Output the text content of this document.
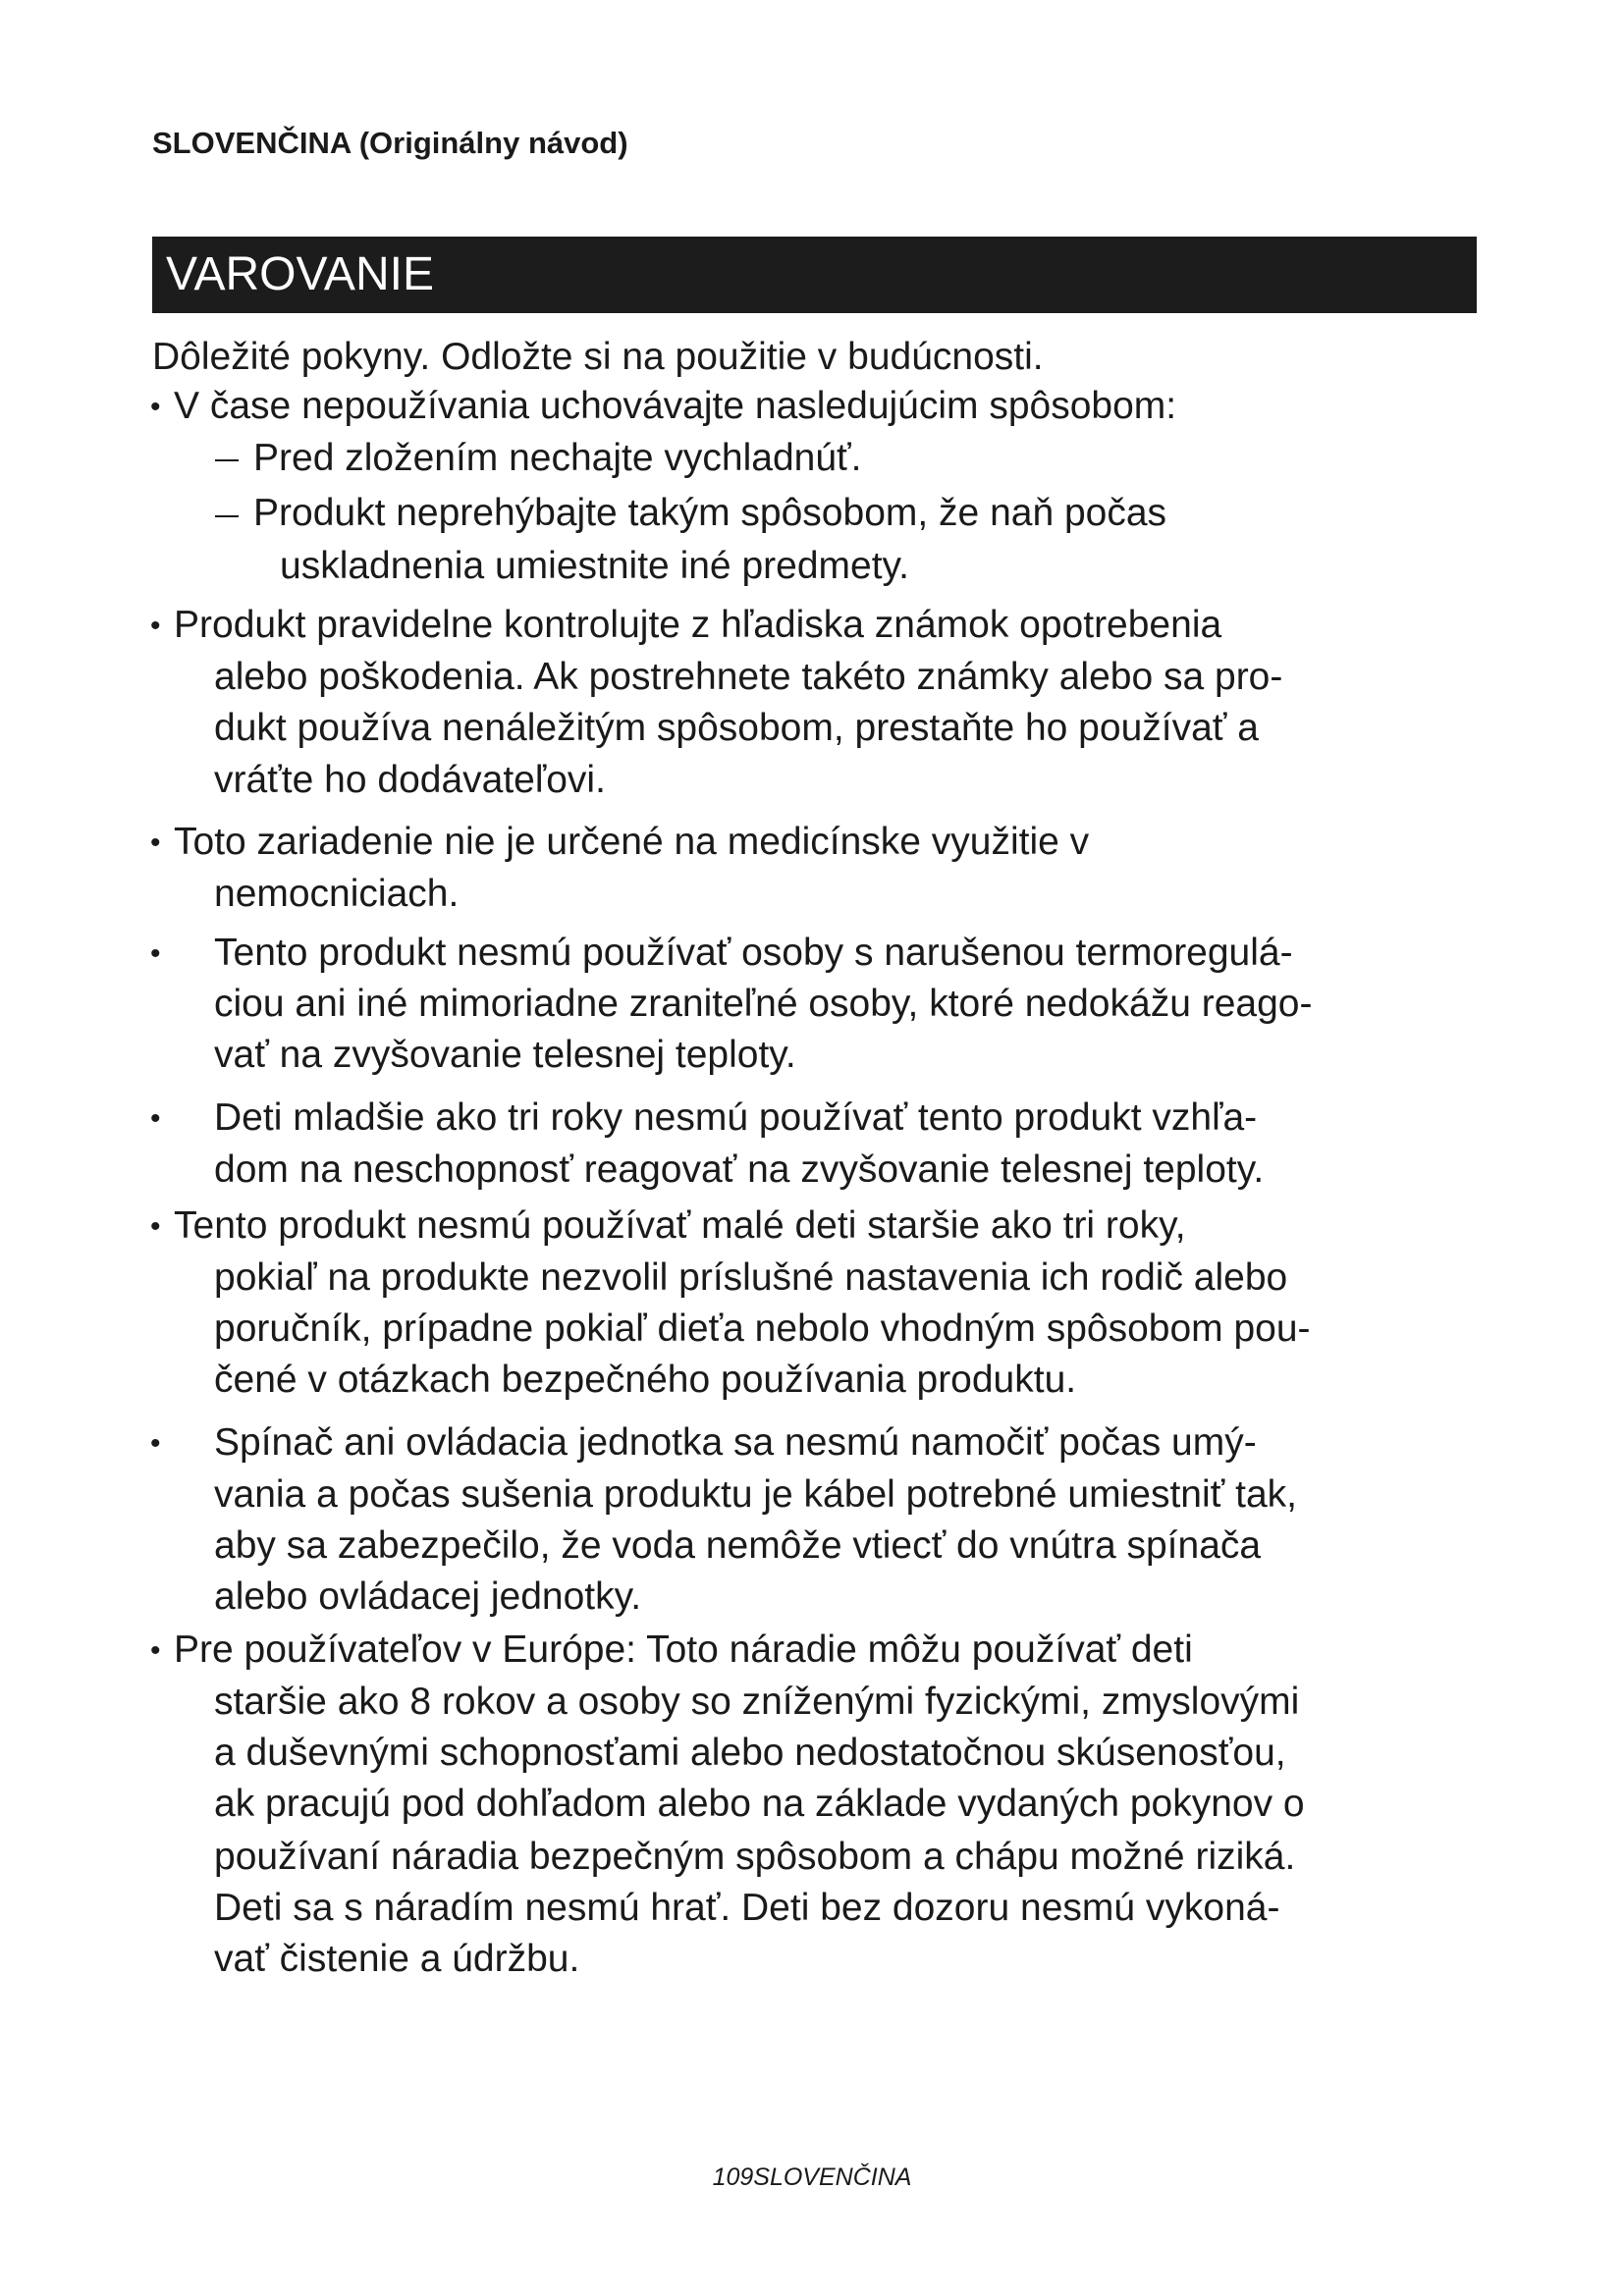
SLOVENČINA (Originálny návod)
VAROVANIE
Dôležité pokyny. Odložte si na použitie v budúcnosti.
• V čase nepoužívania uchovávajte nasledujúcim spôsobom:
Pred zložením nechajte vychladnúť.
Produkt neprehýbajte takým spôsobom, že naň počas
uskladnenia umiestnite iné predmety.
• Produkt pravidelne kontrolujte z hľadiska známok opotrebenia
alebo poškodenia. Ak postrehnete takéto známky alebo sa pro-
dukt používa nenáležitým spôsobom, prestaňte ho používať a
vráťte ho dodávateľovi.
• Toto zariadenie nie je určené na medicínske využitie v
nemocniciach.
• Tento produkt nesmú používať osoby s narušenou termoregulá-
ciou ani iné mimoriadne zraniteľné osoby, ktoré nedokážu reago-
vať na zvyšovanie telesnej teploty.
• Deti mladšie ako tri roky nesmú používať tento produkt vzhľa-
dom na neschopnosť reagovať na zvyšovanie telesnej teploty.
• Tento produkt nesmú používať malé deti staršie ako tri roky,
pokiaľ na produkte nezvolil príslušné nastavenia ich rodič alebo
poručník, prípadne pokiaľ dieťa nebolo vhodným spôsobom pou-
čené v otázkach bezpečného používania produktu.
• Spínač ani ovládacia jednotka sa nesmú namočiť počas umý-
vania a počas sušenia produktu je kábel potrebné umiestniť tak,
aby sa zabezpečilo, že voda nemôže vtiecť do vnútra spínača
alebo ovládacej jednotky.
• Pre používateľov v Európe: Toto náradie môžu používať deti
staršie ako 8 rokov a osoby so zníženými fyzickými, zmyslovými
a duševnými schopnosťami alebo nedostatočnou skúsenosťou,
ak pracujú pod dohľadom alebo na základe vydaných pokynov o
používaní náradia bezpečným spôsobom a chápu možné riziká.
Deti sa s náradím nesmú hrať. Deti bez dozoru nesmú vykoná-
vať čistenie a údržbu.
109SLOVENČINA
